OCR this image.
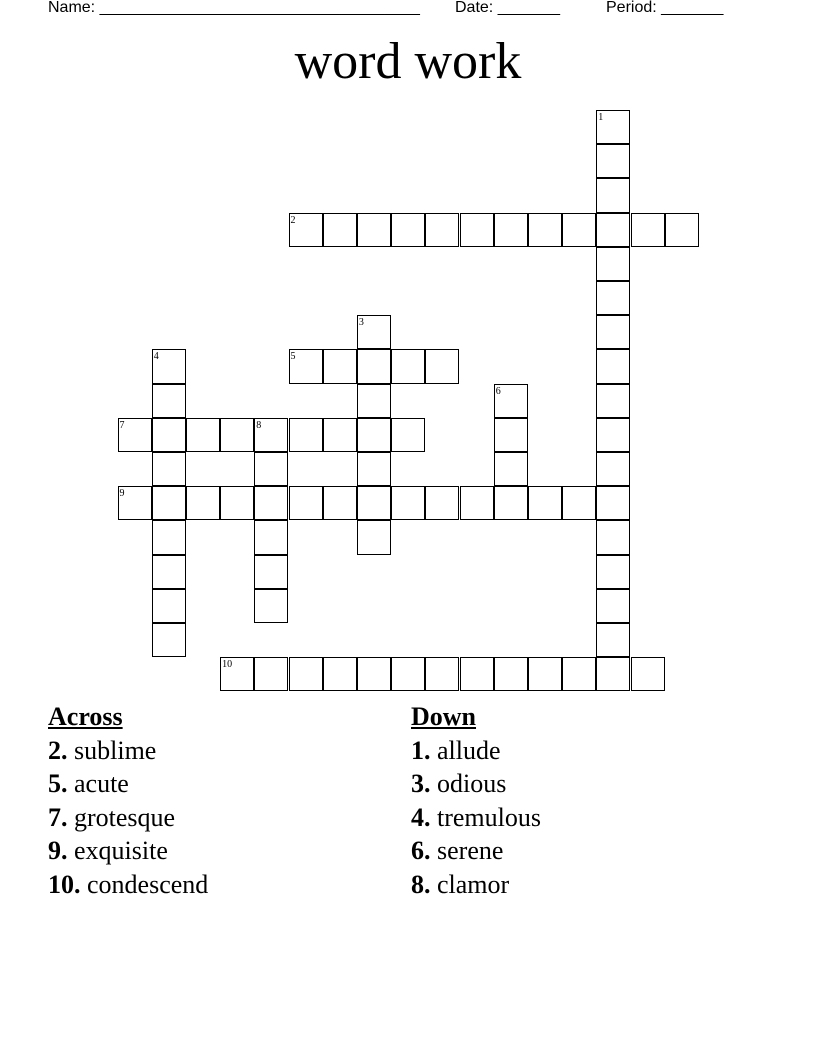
Name: ____________________________________ Date: _______	Period: _______
word work
1
2
3
4	5
6
7	8
9
10
Across
2. sublime
5. acute
7. grotesque
9. exquisite
10. condescend
Down
1. allude
3. odious
4. tremulous
6. serene
8. clamor
